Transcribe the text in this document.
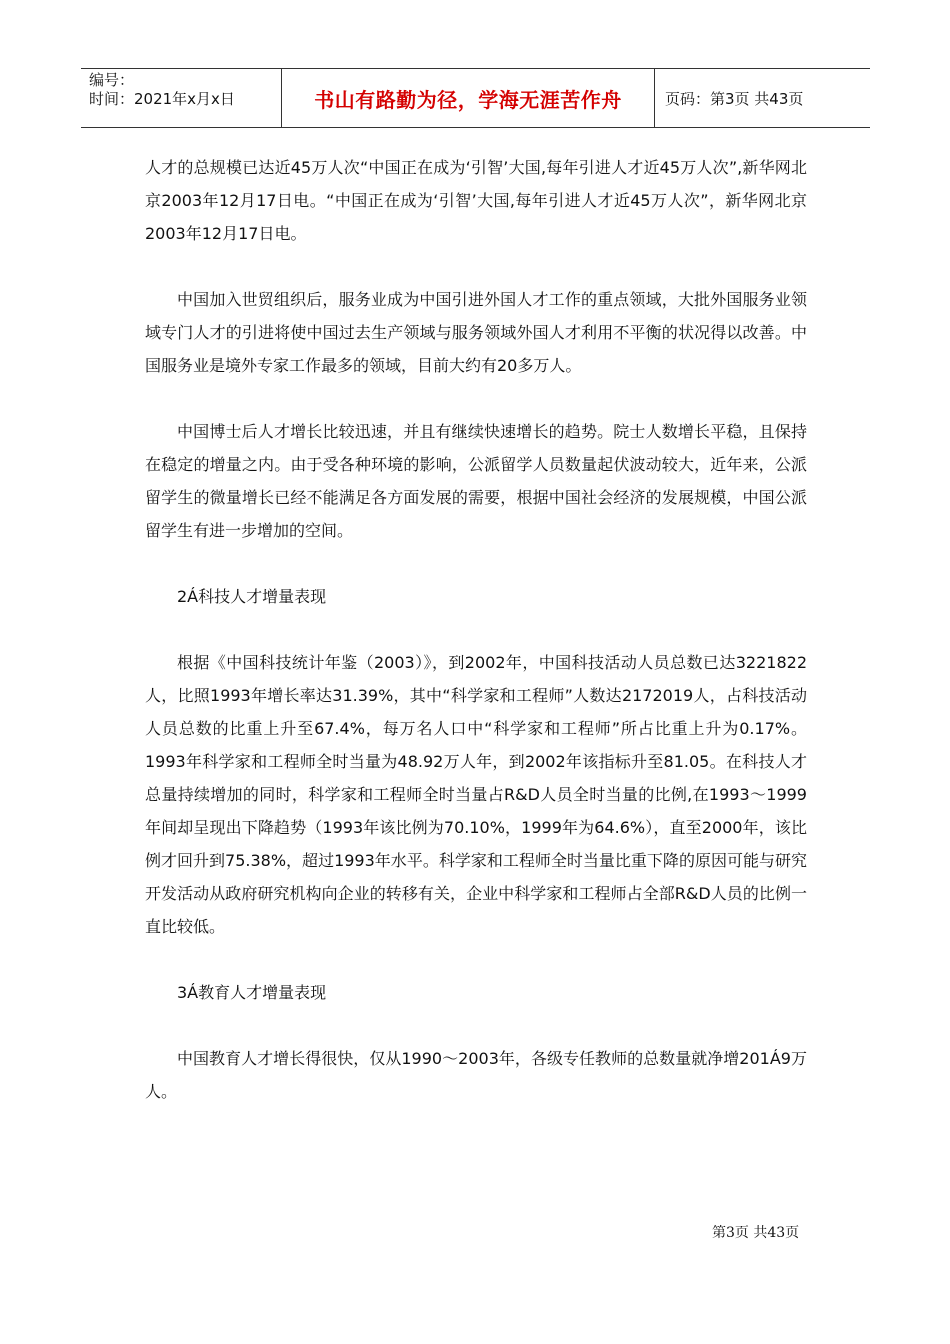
编号：
时间：2021年x月x日	书山有路勤为径，学海无涯苦作舟	页码：第3页 共43页

人才的总规模已达近45万人次“中国正在成为‘引智’大国,每年引进人才近45万人次”,新华网北京2003年12月17日电。“中国正在成为‘引智’大国,每年引进人才近45万人次”，新华网北京2003年12月17日电。

中国加入世贸组织后，服务业成为中国引进外国人才工作的重点领域，大批外国服务业领域专门人才的引进将使中国过去生产领域与服务领域外国人才利用不平衡的状况得以改善。中国服务业是境外专家工作最多的领域，目前大约有20多万人。

中国博士后人才增长比较迅速，并且有继续快速增长的趋势。院士人数增长平稳，且保持在稳定的增量之内。由于受各种环境的影响，公派留学人员数量起伏波动较大，近年来，公派留学生的微量增长已经不能满足各方面发展的需要，根据中国社会经济的发展规模，中国公派留学生有进一步增加的空间。

2Á科技人才增量表现

根据《中国科技统计年鉴（2003）》，到2002年，中国科技活动人员总数已达3221822人，比照1993年增长率达31.39%，其中“科学家和工程师”人数达2172019人，占科技活动人员总数的比重上升至67.4%，每万名人口中“科学家和工程师”所占比重上升为0.17%。1993年科学家和工程师全时当量为48.92万人年，到2002年该指标升至81.05。在科技人才总量持续增加的同时，科学家和工程师全时当量占R&D人员全时当量的比例,在1993～1999年间却呈现出下降趋势（1993年该比例为70.10%，1999年为64.6%），直至2000年，该比例才回升到75.38%，超过1993年水平。科学家和工程师全时当量比重下降的原因可能与研究开发活动从政府研究机构向企业的转移有关，企业中科学家和工程师占全部R&D人员的比例一直比较低。

3Á教育人才增量表现

中国教育人才增长得很快，仅从1990～2003年，各级专任教师的总数量就净增201Á9万人。

第3页 共43页
